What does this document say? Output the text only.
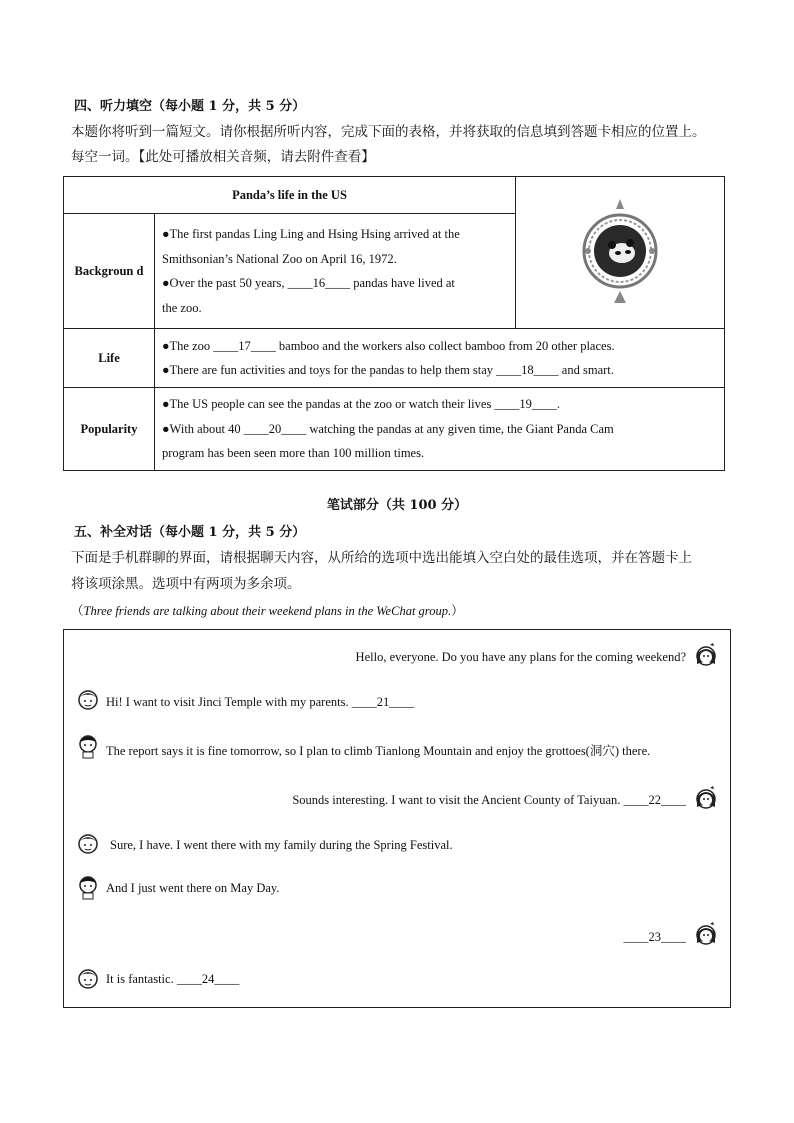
四、听力填空（每小题 1 分，共 5 分）
本题你将听到一篇短文。请你根据所听内容，完成下面的表格，并将获取的信息填到答题卡相应的位置上。
每空一词。【此处可播放相关音频，请去附件查看】
Panda’s life in the US	
Backgroun d	●The first pandas Ling Ling and Hsing Hsing arrived at the
Smithsonian’s National Zoo on April 16, 1972.
●Over the past 50 years, ____16____ pandas have lived at
the zoo.	

Life	●The zoo ____17____ bamboo and the workers also collect bamboo from 20 other places.
●There are fun activities and toys for the pandas to help them stay ____18____ and smart.	

Popularity	●The US people can see the pandas at the zoo or watch their lives ____19____.
●With about 40 ____20____ watching the pandas at any given time, the Giant Panda Cam
program has been seen more than 100 million times.	
笔试部分（共 100 分）
五、补全对话（每小题 1 分，共 5 分）
下面是手机群聊的界面，请根据聊天内容，从所给的选项中选出能填入空白处的最佳选项，并在答题卡上
将该项涂黑。选项中有两项为多余项。
（Three friends are talking about their weekend plans in the WeChat group.）
Hello, everyone. Do you have any plans for the coming weekend?
Hi! I want to visit Jinci Temple with my parents. ____21____
The report says it is fine tomorrow, so I plan to climb Tianlong Mountain and enjoy the grottoes(洞穴) there.
Sounds interesting. I want to visit the Ancient County of Taiyuan. ____22____
Sure, I have. I went there with my family during the Spring Festival.
And I just went there on May Day.
____23____
It is fantastic. ____24____
